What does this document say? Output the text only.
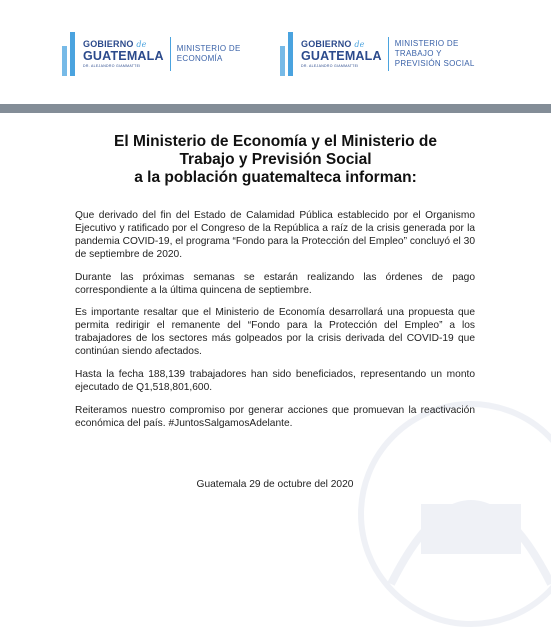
GOBIERNO de
GUATEMALA
DR. ALEJANDRO GIAMMATTEI
MINISTERIO DE
ECONOMÍA
GOBIERNO de
GUATEMALA
DR. ALEJANDRO GIAMMATTEI
MINISTERIO DE
TRABAJO Y
PREVISIÓN SOCIAL
El Ministerio de Economía y el Ministerio de
Trabajo y Previsión Social
a la población guatemalteca informan:

Que derivado del fin del Estado de Calamidad Pública establecido por el Organismo Ejecutivo y ratificado por el Congreso de la República a raíz de la crisis generada por la pandemia COVID-19, el programa “Fondo para la Protección del Empleo” concluyó el 30 de septiembre de 2020.

Durante las próximas semanas se estarán realizando las órdenes de pago correspondiente a la última quincena de septiembre.

Es importante resaltar que el Ministerio de Economía desarrollará una propuesta que permita redirigir el remanente del “Fondo para la Protección del Empleo” a los trabajadores de los sectores más golpeados por la crisis derivada del COVID-19 que continúan siendo afectados.

Hasta la fecha 188,139 trabajadores han sido beneficiados, representando un monto ejecutado de Q1,518,801,600.

Reiteramos nuestro compromiso por generar acciones que promuevan la reactivación económica del país. #JuntosSalgamosAdelante.

Guatemala 29 de octubre del 2020
